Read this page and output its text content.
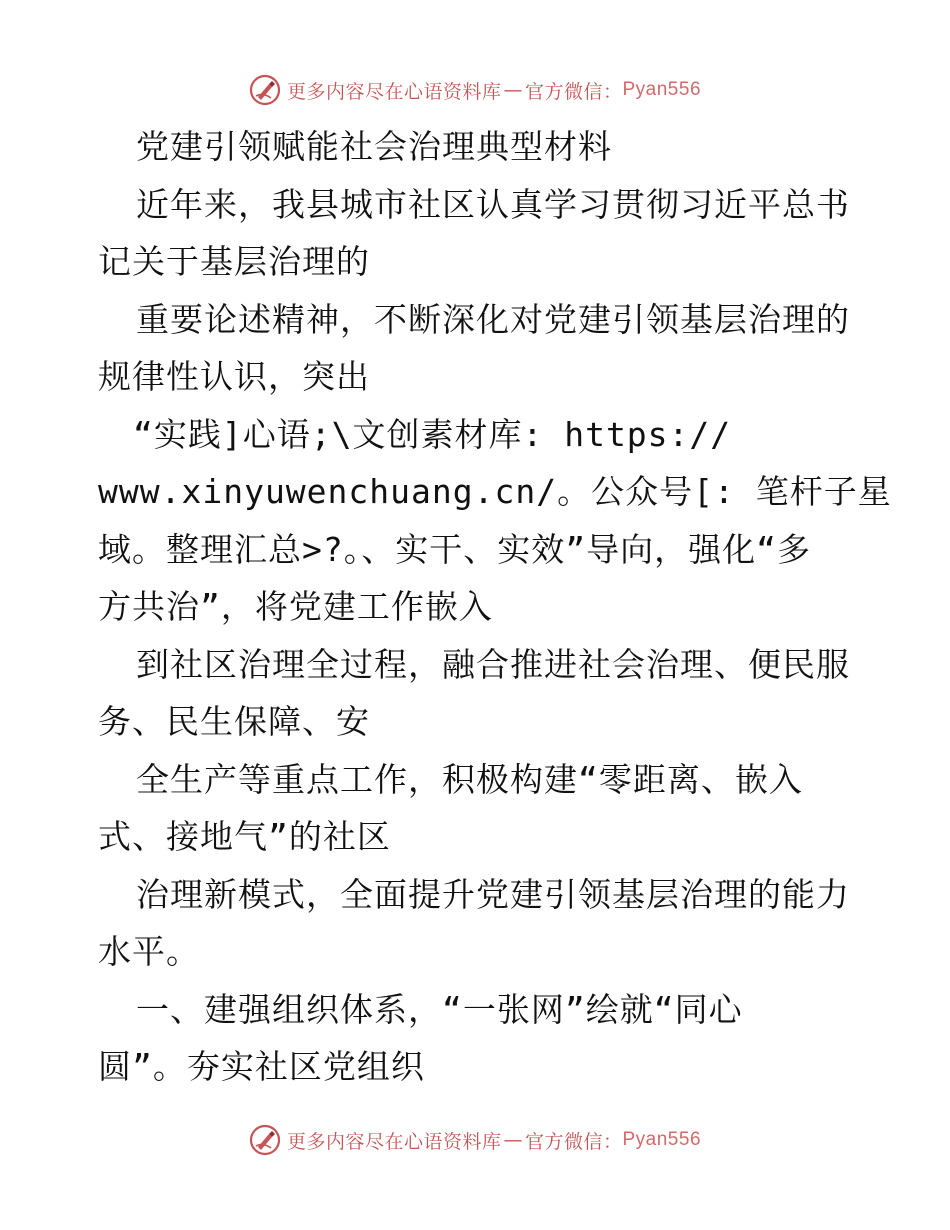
更多内容尽在心语资料库 — 官方微信： Pyan556
党建引领赋能社会治理典型材料
近年来，我县城市社区认真学习贯彻习近平总书
记关于基层治理的
重要论述精神，不断深化对党建引领基层治理的
规律性认识，突出
“实践]心语;\文创素材库: https://
www.xinyuwenchuang.cn/。公众号[: 笔杆子星
域。整理汇总>?。、实干、实效”导向，强化“多
方共治”，将党建工作嵌入
到社区治理全过程，融合推进社会治理、便民服
务、民生保障、安
全生产等重点工作，积极构建“零距离、嵌入
式、接地气”的社区
治理新模式，全面提升党建引领基层治理的能力
水平。
一、建强组织体系，“一张网”绘就“同心
圆”。夯实社区党组织
更多内容尽在心语资料库 — 官方微信： Pyan556
